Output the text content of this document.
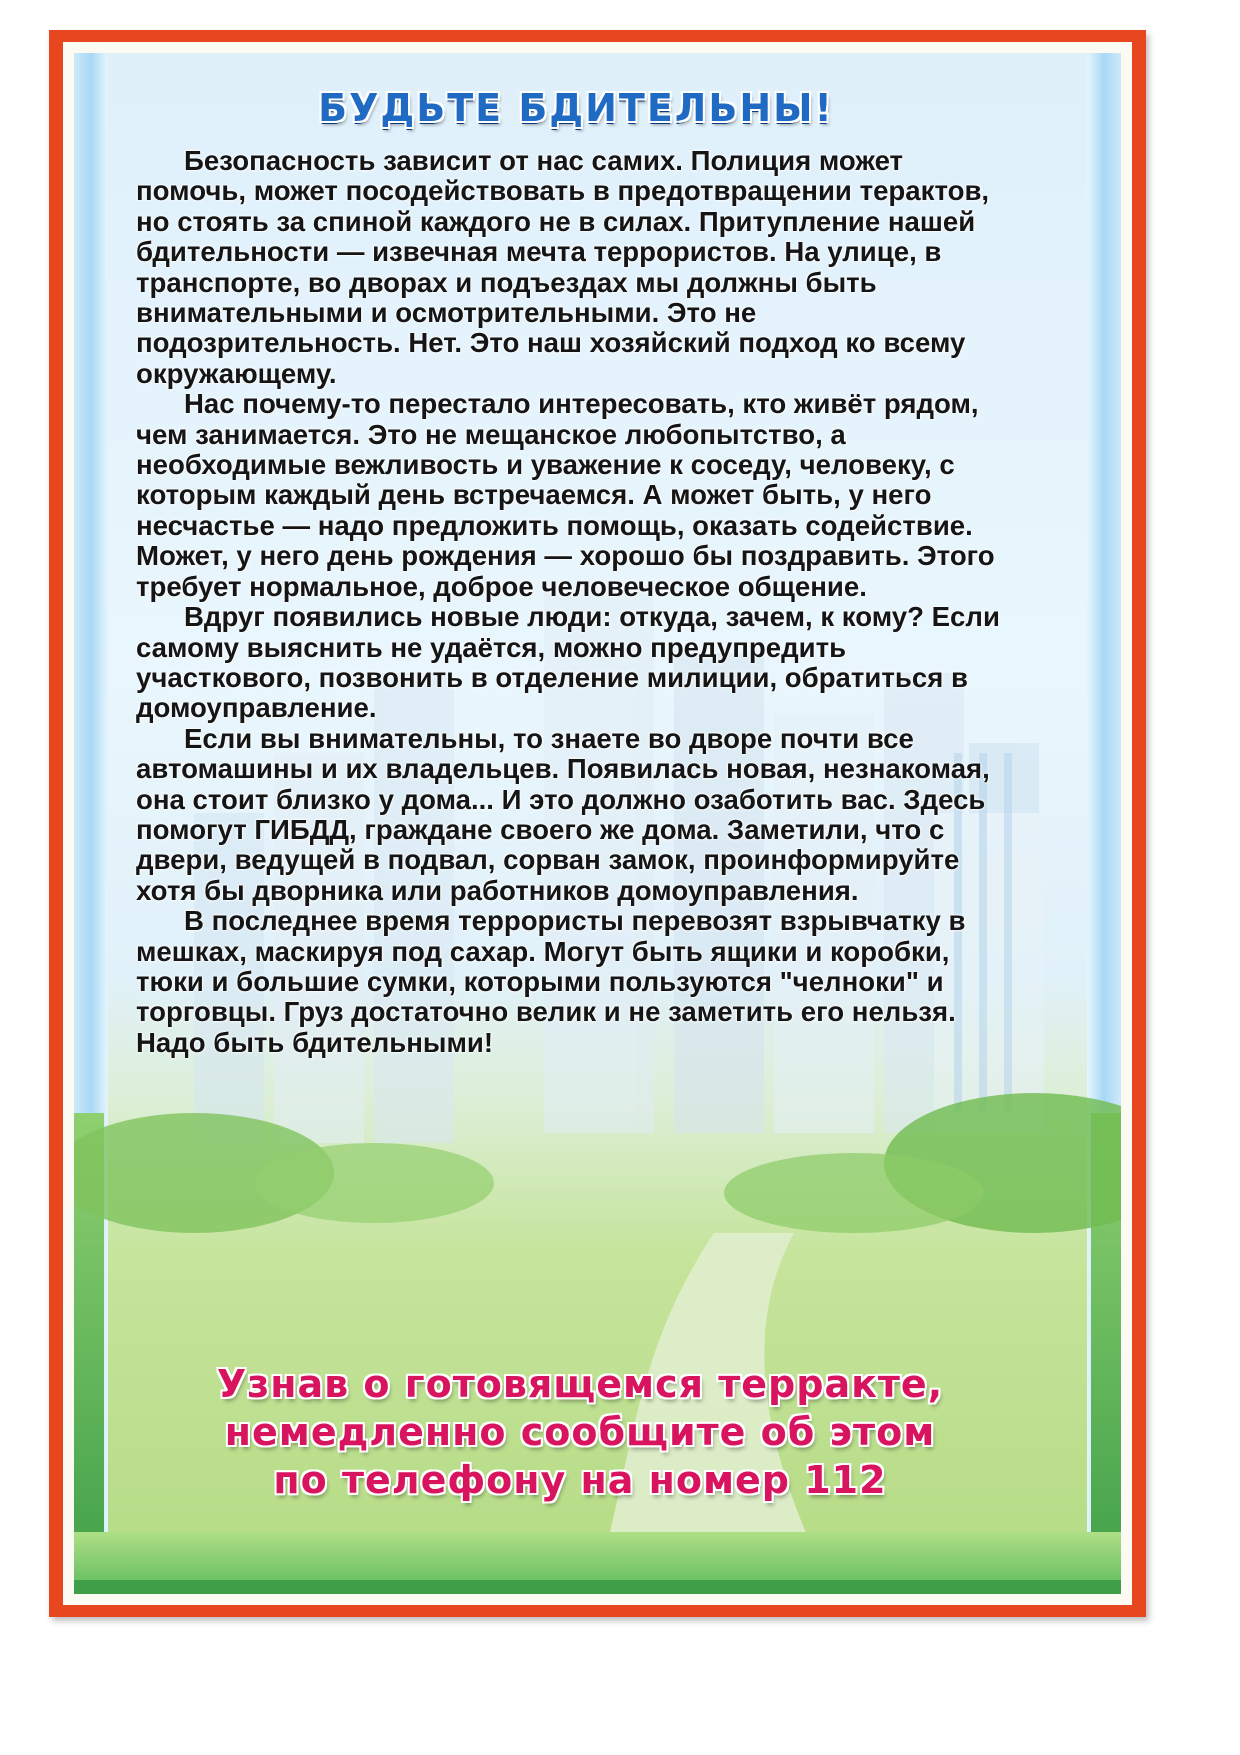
БУДЬТЕ БДИТЕЛЬНЫ!

Безопасность зависит от нас самих. Полиция может помочь, может посодействовать в предотвращении терактов, но стоять за спиной каждого не в силах. Притупление нашей бдительности — извечная мечта террористов. На улице, в транспорте, во дворах и подъездах мы должны быть внимательными и осмотрительными. Это не подозрительность. Нет. Это наш хозяйский подход ко всему окружающему.

Нас почему-то перестало интересовать, кто живёт рядом, чем занимается. Это не мещанское любопытство, а необходимые вежливость и уважение к соседу, человеку, с которым каждый день встречаемся. А может быть, у него несчастье — надо предложить помощь, оказать содействие. Может, у него день рождения — хорошо бы поздравить. Этого требует нормальное, доброе человеческое общение.

Вдруг появились новые люди: откуда, зачем, к кому? Если самому выяснить не удаётся, можно предупредить участкового, позвонить в отделение милиции, обратиться в домоуправление.

Если вы внимательны, то знаете во дворе почти все автомашины и их владельцев. Появилась новая, незнакомая, она стоит близко у дома... И это должно озаботить вас. Здесь помогут ГИБДД, граждане своего же дома. Заметили, что с двери, ведущей в подвал, сорван замок, проинформируйте хотя бы дворника или работников домоуправления.

В последнее время террористы перевозят взрывчатку в мешках, маскируя под сахар. Могут быть ящики и коробки, тюки и большие сумки, которыми пользуются "челноки" и торговцы. Груз достаточно велик и не заметить его нельзя. Надо быть бдительными!

Узнав о готовящемся терракте,
немедленно сообщите об этом
по телефону на номер 112
